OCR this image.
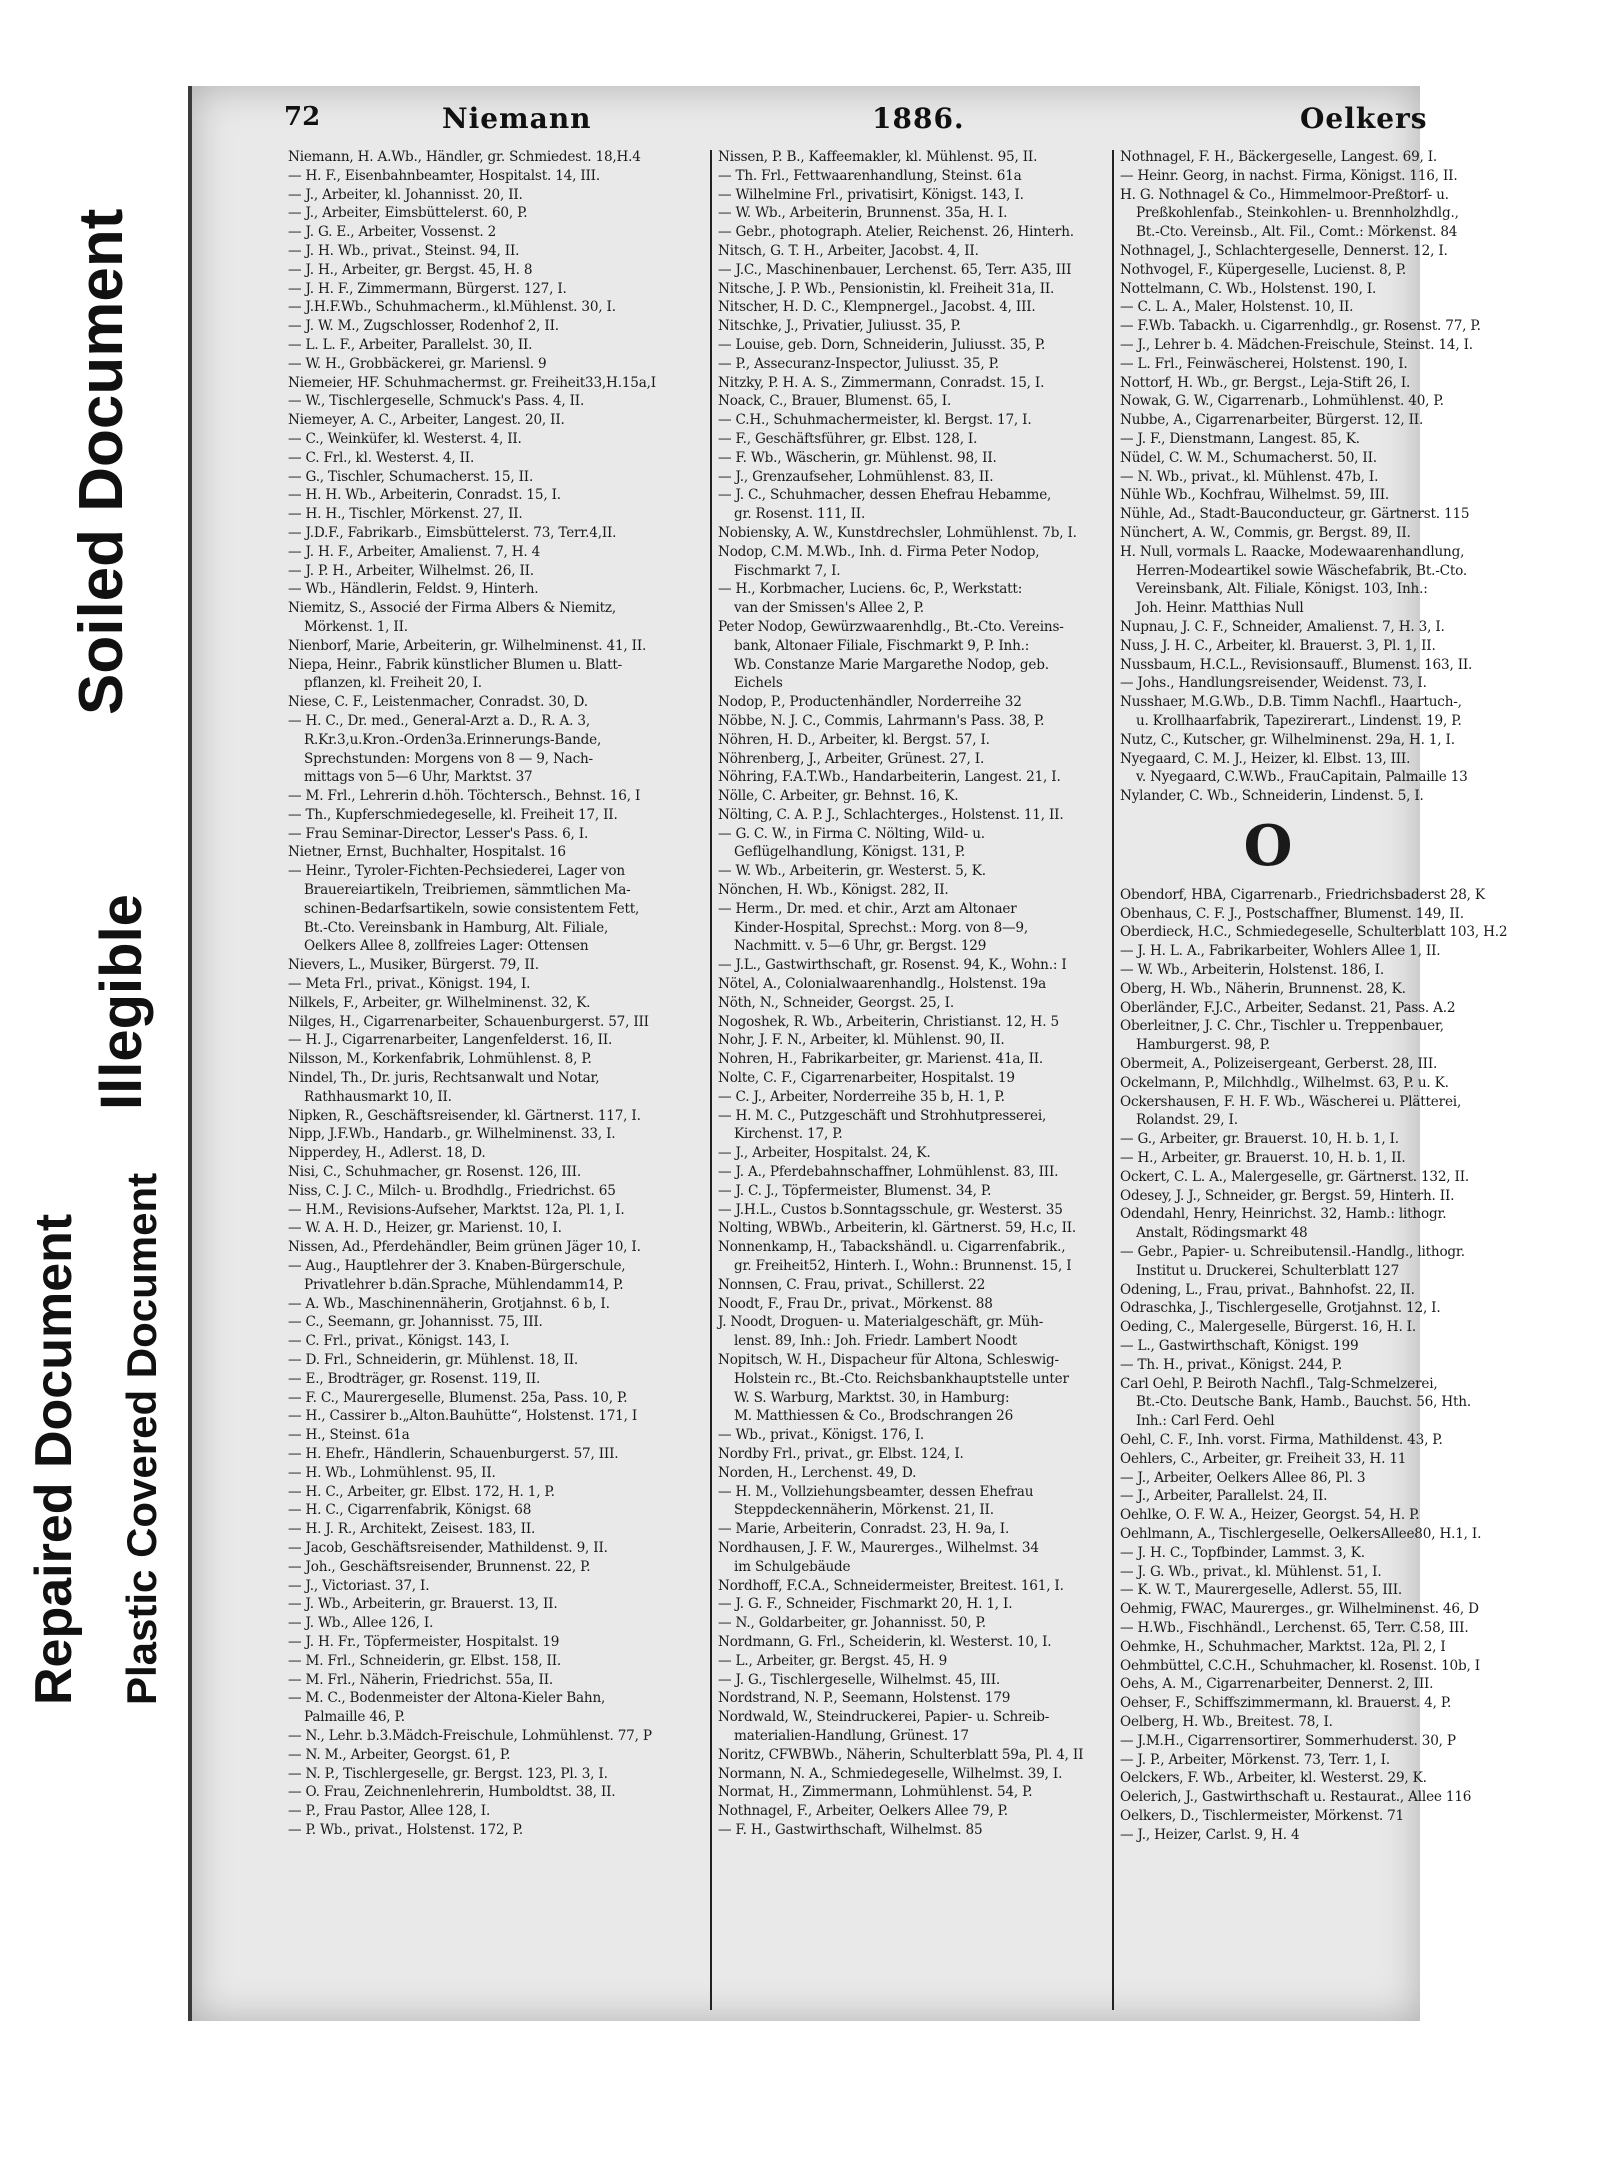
Soiled Document
Illegible
Repaired Document Plastic Covered Document
72	Niemann	1886.	Oelkers
Niemann, H. A.Wb., Händler, gr. Schmiedest. 18,H.4
— H. F., Eisenbahnbeamter, Hospitalst. 14, III.
— J., Arbeiter, kl. Johannisst. 20, II.
— J., Arbeiter, Eimsbüttelerst. 60, P.
— J. G. E., Arbeiter, Vossenst. 2
— J. H. Wb., privat., Steinst. 94, II.
— J. H., Arbeiter, gr. Bergst. 45, H. 8
— J. H. F., Zimmermann, Bürgerst. 127, I.
— J.H.F.Wb., Schuhmacherm., kl.Mühlenst. 30, I.
— J. W. M., Zugschlosser, Rodenhof 2, II.
— L. L. F., Arbeiter, Parallelst. 30, II.
— W. H., Grobbäckerei, gr. Mariensl. 9
Niemeier, HF. Schuhmachermst. gr. Freiheit33,H.15a,I
— W., Tischlergeselle, Schmuck's Pass. 4, II.
Niemeyer, A. C., Arbeiter, Langest. 20, II.
— C., Weinküfer, kl. Westerst. 4, II.
— C. Frl., kl. Westerst. 4, II.
— G., Tischler, Schumacherst. 15, II.
— H. H. Wb., Arbeiterin, Conradst. 15, I.
— H. H., Tischler, Mörkenst. 27, II.
— J.D.F., Fabrikarb., Eimsbüttelerst. 73, Terr.4,II.
— J. H. F., Arbeiter, Amalienst. 7, H. 4
— J. P. H., Arbeiter, Wilhelmst. 26, II.
— Wb., Händlerin, Feldst. 9, Hinterh.
Niemitz, S., Associé der Firma Albers & Niemitz,
Mörkenst. 1, II.
Nienborf, Marie, Arbeiterin, gr. Wilhelminenst. 41, II.
Niepa, Heinr., Fabrik künstlicher Blumen u. Blatt-
pflanzen, kl. Freiheit 20, I.
Niese, C. F., Leistenmacher, Conradst. 30, D.
— H. C., Dr. med., General-Arzt a. D., R. A. 3,
R.Kr.3,u.Kron.-Orden3a.Erinnerungs-Bande,
Sprechstunden: Morgens von 8 — 9, Nach-
mittags von 5—6 Uhr, Marktst. 37
— M. Frl., Lehrerin d.höh. Töchtersch., Behnst. 16, I
— Th., Kupferschmiedegeselle, kl. Freiheit 17, II.
— Frau Seminar-Director, Lesser's Pass. 6, I.
Nietner, Ernst, Buchhalter, Hospitalst. 16
— Heinr., Tyroler-Fichten-Pechsiederei, Lager von
Brauereiartikeln, Treibriemen, sämmtlichen Ma-
schinen-Bedarfsartikeln, sowie consistentem Fett,
Bt.-Cto. Vereinsbank in Hamburg, Alt. Filiale,
Oelkers Allee 8, zollfreies Lager: Ottensen
Nievers, L., Musiker, Bürgerst. 79, II.
— Meta Frl., privat., Königst. 194, I.
Nilkels, F., Arbeiter, gr. Wilhelminenst. 32, K.
Nilges, H., Cigarrenarbeiter, Schauenburgerst. 57, III
— H. J., Cigarrenarbeiter, Langenfelderst. 16, II.
Nilsson, M., Korkenfabrik, Lohmühlenst. 8, P.
Nindel, Th., Dr. juris, Rechtsanwalt und Notar,
Rathhausmarkt 10, II.
Nipken, R., Geschäftsreisender, kl. Gärtnerst. 117, I.
Nipp, J.F.Wb., Handarb., gr. Wilhelminenst. 33, I.
Nipperdey, H., Adlerst. 18, D.
Nisi, C., Schuhmacher, gr. Rosenst. 126, III.
Niss, C. J. C., Milch- u. Brodhdlg., Friedrichst. 65
— H.M., Revisions-Aufseher, Marktst. 12a, Pl. 1, I.
— W. A. H. D., Heizer, gr. Marienst. 10, I.
Nissen, Ad., Pferdehändler, Beim grünen Jäger 10, I.
— Aug., Hauptlehrer der 3. Knaben-Bürgerschule,
Privatlehrer b.dän.Sprache, Mühlendamm14, P.
— A. Wb., Maschinennäherin, Grotjahnst. 6 b, I.
— C., Seemann, gr. Johannisst. 75, III.
— C. Frl., privat., Königst. 143, I.
— D. Frl., Schneiderin, gr. Mühlenst. 18, II.
— E., Brodträger, gr. Rosenst. 119, II.
— F. C., Maurergeselle, Blumenst. 25a, Pass. 10, P.
— H., Cassirer b.„Alton.Bauhütte“, Holstenst. 171, I
— H., Steinst. 61a
— H. Ehefr., Händlerin, Schauenburgerst. 57, III.
— H. Wb., Lohmühlenst. 95, II.
— H. C., Arbeiter, gr. Elbst. 172, H. 1, P.
— H. C., Cigarrenfabrik, Königst. 68
— H. J. R., Architekt, Zeisest. 183, II.
— Jacob, Geschäftsreisender, Mathildenst. 9, II.
— Joh., Geschäftsreisender, Brunnenst. 22, P.
— J., Victoriast. 37, I.
— J. Wb., Arbeiterin, gr. Brauerst. 13, II.
— J. Wb., Allee 126, I.
— J. H. Fr., Töpfermeister, Hospitalst. 19
— M. Frl., Schneiderin, gr. Elbst. 158, II.
— M. Frl., Näherin, Friedrichst. 55a, II.
— M. C., Bodenmeister der Altona-Kieler Bahn,
Palmaille 46, P.
— N., Lehr. b.3.Mädch-Freischule, Lohmühlenst. 77, P
— N. M., Arbeiter, Georgst. 61, P.
— N. P., Tischlergeselle, gr. Bergst. 123, Pl. 3, I.
— O. Frau, Zeichnenlehrerin, Humboldtst. 38, II.
— P., Frau Pastor, Allee 128, I.
— P. Wb., privat., Holstenst. 172, P.
Nissen, P. B., Kaffeemakler, kl. Mühlenst. 95, II.
— Th. Frl., Fettwaarenhandlung, Steinst. 61a
— Wilhelmine Frl., privatisirt, Königst. 143, I.
— W. Wb., Arbeiterin, Brunnenst. 35a, H. I.
— Gebr., photograph. Atelier, Reichenst. 26, Hinterh.
Nitsch, G. T. H., Arbeiter, Jacobst. 4, II.
— J.C., Maschinenbauer, Lerchenst. 65, Terr. A35, III
Nitsche, J. P. Wb., Pensionistin, kl. Freiheit 31a, II.
Nitscher, H. D. C., Klempnergel., Jacobst. 4, III.
Nitschke, J., Privatier, Juliusst. 35, P.
— Louise, geb. Dorn, Schneiderin, Juliusst. 35, P.
— P., Assecuranz-Inspector, Juliusst. 35, P.
Nitzky, P. H. A. S., Zimmermann, Conradst. 15, I.
Noack, C., Brauer, Blumenst. 65, I.
— C.H., Schuhmachermeister, kl. Bergst. 17, I.
— F., Geschäftsführer, gr. Elbst. 128, I.
— F. Wb., Wäscherin, gr. Mühlenst. 98, II.
— J., Grenzaufseher, Lohmühlenst. 83, II.
— J. C., Schuhmacher, dessen Ehefrau Hebamme,
gr. Rosenst. 111, II.
Nobiensky, A. W., Kunstdrechsler, Lohmühlenst. 7b, I.
Nodop, C.M. M.Wb., Inh. d. Firma Peter Nodop,
Fischmarkt 7, I.
— H., Korbmacher, Luciens. 6c, P., Werkstatt:
van der Smissen's Allee 2, P.
Peter Nodop, Gewürzwaarenhdlg., Bt.-Cto. Vereins-
bank, Altonaer Filiale, Fischmarkt 9, P. Inh.:
Wb. Constanze Marie Margarethe Nodop, geb.
Eichels
Nodop, P., Productenhändler, Norderreihe 32
Nöbbe, N. J. C., Commis, Lahrmann's Pass. 38, P.
Nöhren, H. D., Arbeiter, kl. Bergst. 57, I.
Nöhrenberg, J., Arbeiter, Grünest. 27, I.
Nöhring, F.A.T.Wb., Handarbeiterin, Langest. 21, I.
Nölle, C. Arbeiter, gr. Behnst. 16, K.
Nölting, C. A. P. J., Schlachterges., Holstenst. 11, II.
— G. C. W., in Firma C. Nölting, Wild- u.
Geflügelhandlung, Königst. 131, P.
— W. Wb., Arbeiterin, gr. Westerst. 5, K.
Nönchen, H. Wb., Königst. 282, II.
— Herm., Dr. med. et chir., Arzt am Altonaer
Kinder-Hospital, Sprechst.: Morg. von 8—9,
Nachmitt. v. 5—6 Uhr, gr. Bergst. 129
— J.L., Gastwirthschaft, gr. Rosenst. 94, K., Wohn.: I
Nötel, A., Colonialwaarenhandlg., Holstenst. 19a
Nöth, N., Schneider, Georgst. 25, I.
Nogoshek, R. Wb., Arbeiterin, Christianst. 12, H. 5
Nohr, J. F. N., Arbeiter, kl. Mühlenst. 90, II.
Nohren, H., Fabrikarbeiter, gr. Marienst. 41a, II.
Nolte, C. F., Cigarrenarbeiter, Hospitalst. 19
— C. J., Arbeiter, Norderreihe 35 b, H. 1, P.
— H. M. C., Putzgeschäft und Strohhutpresserei,
Kirchenst. 17, P.
— J., Arbeiter, Hospitalst. 24, K.
— J. A., Pferdebahnschaffner, Lohmühlenst. 83, III.
— J. C. J., Töpfermeister, Blumenst. 34, P.
— J.H.L., Custos b.Sonntagsschule, gr. Westerst. 35
Nolting, WBWb., Arbeiterin, kl. Gärtnerst. 59, H.c, II.
Nonnenkamp, H., Tabackshändl. u. Cigarrenfabrik.,
gr. Freiheit52, Hinterh. I., Wohn.: Brunnenst. 15, I
Nonnsen, C. Frau, privat., Schillerst. 22
Noodt, F., Frau Dr., privat., Mörkenst. 88
J. Noodt, Droguen- u. Materialgeschäft, gr. Müh-
lenst. 89, Inh.: Joh. Friedr. Lambert Noodt
Nopitsch, W. H., Dispacheur für Altona, Schleswig-
Holstein rc., Bt.-Cto. Reichsbankhauptstelle unter
W. S. Warburg, Marktst. 30, in Hamburg:
M. Matthiessen & Co., Brodschrangen 26
— Wb., privat., Königst. 176, I.
Nordby Frl., privat., gr. Elbst. 124, I.
Norden, H., Lerchenst. 49, D.
— H. M., Vollziehungsbeamter, dessen Ehefrau
Steppdeckennäherin, Mörkenst. 21, II.
— Marie, Arbeiterin, Conradst. 23, H. 9a, I.
Nordhausen, J. F. W., Maurerges., Wilhelmst. 34
im Schulgebäude
Nordhoff, F.C.A., Schneidermeister, Breitest. 161, I.
— J. G. F., Schneider, Fischmarkt 20, H. 1, I.
— N., Goldarbeiter, gr. Johannisst. 50, P.
Nordmann, G. Frl., Scheiderin, kl. Westerst. 10, I.
— L., Arbeiter, gr. Bergst. 45, H. 9
— J. G., Tischlergeselle, Wilhelmst. 45, III.
Nordstrand, N. P., Seemann, Holstenst. 179
Nordwald, W., Steindruckerei, Papier- u. Schreib-
materialien-Handlung, Grünest. 17
Noritz, CFWBWb., Näherin, Schulterblatt 59a, Pl. 4, II
Normann, N. A., Schmiedegeselle, Wilhelmst. 39, I.
Normat, H., Zimmermann, Lohmühlenst. 54, P.
Nothnagel, F., Arbeiter, Oelkers Allee 79, P.
— F. H., Gastwirthschaft, Wilhelmst. 85
Nothnagel, F. H., Bäckergeselle, Langest. 69, I.
— Heinr. Georg, in nachst. Firma, Königst. 116, II.
H. G. Nothnagel & Co., Himmelmoor-Preßtorf- u.
Preßkohlenfab., Steinkohlen- u. Brennholzhdlg.,
Bt.-Cto. Vereinsb., Alt. Fil., Comt.: Mörkenst. 84
Nothnagel, J., Schlachtergeselle, Dennerst. 12, I.
Nothvogel, F., Küpergeselle, Lucienst. 8, P.
Nottelmann, C. Wb., Holstenst. 190, I.
— C. L. A., Maler, Holstenst. 10, II.
— F.Wb. Tabackh. u. Cigarrenhdlg., gr. Rosenst. 77, P.
— J., Lehrer b. 4. Mädchen-Freischule, Steinst. 14, I.
— L. Frl., Feinwäscherei, Holstenst. 190, I.
Nottorf, H. Wb., gr. Bergst., Leja-Stift 26, I.
Nowak, G. W., Cigarrenarb., Lohmühlenst. 40, P.
Nubbe, A., Cigarrenarbeiter, Bürgerst. 12, II.
— J. F., Dienstmann, Langest. 85, K.
Nüdel, C. W. M., Schumacherst. 50, II.
— N. Wb., privat., kl. Mühlenst. 47b, I.
Nühle Wb., Kochfrau, Wilhelmst. 59, III.
Nühle, Ad., Stadt-Bauconducteur, gr. Gärtnerst. 115
Nünchert, A. W., Commis, gr. Bergst. 89, II.
H. Null, vormals L. Raacke, Modewaarenhandlung,
Herren-Modeartikel sowie Wäschefabrik, Bt.-Cto.
Vereinsbank, Alt. Filiale, Königst. 103, Inh.:
Joh. Heinr. Matthias Null
Nupnau, J. C. F., Schneider, Amalienst. 7, H. 3, I.
Nuss, J. H. C., Arbeiter, kl. Brauerst. 3, Pl. 1, II.
Nussbaum, H.C.L., Revisionsauff., Blumenst. 163, II.
— Johs., Handlungsreisender, Weidenst. 73, I.
Nusshaer, M.G.Wb., D.B. Timm Nachfl., Haartuch-,
u. Krollhaarfabrik, Tapezirerart., Lindenst. 19, P.
Nutz, C., Kutscher, gr. Wilhelminenst. 29a, H. 1, I.
Nyegaard, C. M. J., Heizer, kl. Elbst. 13, III.
v. Nyegaard, C.W.Wb., FrauCapitain, Palmaille 13
Nylander, C. Wb., Schneiderin, Lindenst. 5, I.
O
Obendorf, HBA, Cigarrenarb., Friedrichsbaderst 28, K
Obenhaus, C. F. J., Postschaffner, Blumenst. 149, II.
Oberdieck, H.C., Schmiedegeselle, Schulterblatt 103, H.2
— J. H. L. A., Fabrikarbeiter, Wohlers Allee 1, II.
— W. Wb., Arbeiterin, Holstenst. 186, I.
Oberg, H. Wb., Näherin, Brunnenst. 28, K.
Oberländer, F.J.C., Arbeiter, Sedanst. 21, Pass. A.2
Oberleitner, J. C. Chr., Tischler u. Treppenbauer,
Hamburgerst. 98, P.
Obermeit, A., Polizeisergeant, Gerberst. 28, III.
Ockelmann, P., Milchhdlg., Wilhelmst. 63, P. u. K.
Ockershausen, F. H. F. Wb., Wäscherei u. Plätterei,
Rolandst. 29, I.
— G., Arbeiter, gr. Brauerst. 10, H. b. 1, I.
— H., Arbeiter, gr. Brauerst. 10, H. b. 1, II.
Ockert, C. L. A., Malergeselle, gr. Gärtnerst. 132, II.
Odesey, J. J., Schneider, gr. Bergst. 59, Hinterh. II.
Odendahl, Henry, Heinrichst. 32, Hamb.: lithogr.
Anstalt, Rödingsmarkt 48
— Gebr., Papier- u. Schreibutensil.-Handlg., lithogr.
Institut u. Druckerei, Schulterblatt 127
Odening, L., Frau, privat., Bahnhofst. 22, II.
Odraschka, J., Tischlergeselle, Grotjahnst. 12, I.
Oeding, C., Malergeselle, Bürgerst. 16, H. I.
— L., Gastwirthschaft, Königst. 199
— Th. H., privat., Königst. 244, P.
Carl Oehl, P. Beiroth Nachfl., Talg-Schmelzerei,
Bt.-Cto. Deutsche Bank, Hamb., Bauchst. 56, Hth.
Inh.: Carl Ferd. Oehl
Oehl, C. F., Inh. vorst. Firma, Mathildenst. 43, P.
Oehlers, C., Arbeiter, gr. Freiheit 33, H. 11
— J., Arbeiter, Oelkers Allee 86, Pl. 3
— J., Arbeiter, Parallelst. 24, II.
Oehlke, O. F. W. A., Heizer, Georgst. 54, H. P.
Oehlmann, A., Tischlergeselle, OelkersAllee80, H.1, I.
— J. H. C., Topfbinder, Lammst. 3, K.
— J. G. Wb., privat., kl. Mühlenst. 51, I.
— K. W. T., Maurergeselle, Adlerst. 55, III.
Oehmig, FWAC, Maurerges., gr. Wilhelminenst. 46, D
— H.Wb., Fischhändl., Lerchenst. 65, Terr. C.58, III.
Oehmke, H., Schuhmacher, Marktst. 12a, Pl. 2, I
Oehmbüttel, C.C.H., Schuhmacher, kl. Rosenst. 10b, I
Oehs, A. M., Cigarrenarbeiter, Dennerst. 2, III.
Oehser, F., Schiffszimmermann, kl. Brauerst. 4, P.
Oelberg, H. Wb., Breitest. 78, I.
— J.M.H., Cigarrensortirer, Sommerhuderst. 30, P
— J. P., Arbeiter, Mörkenst. 73, Terr. 1, I.
Oelckers, F. Wb., Arbeiter, kl. Westerst. 29, K.
Oelerich, J., Gastwirthschaft u. Restaurat., Allee 116
Oelkers, D., Tischlermeister, Mörkenst. 71
— J., Heizer, Carlst. 9, H. 4
